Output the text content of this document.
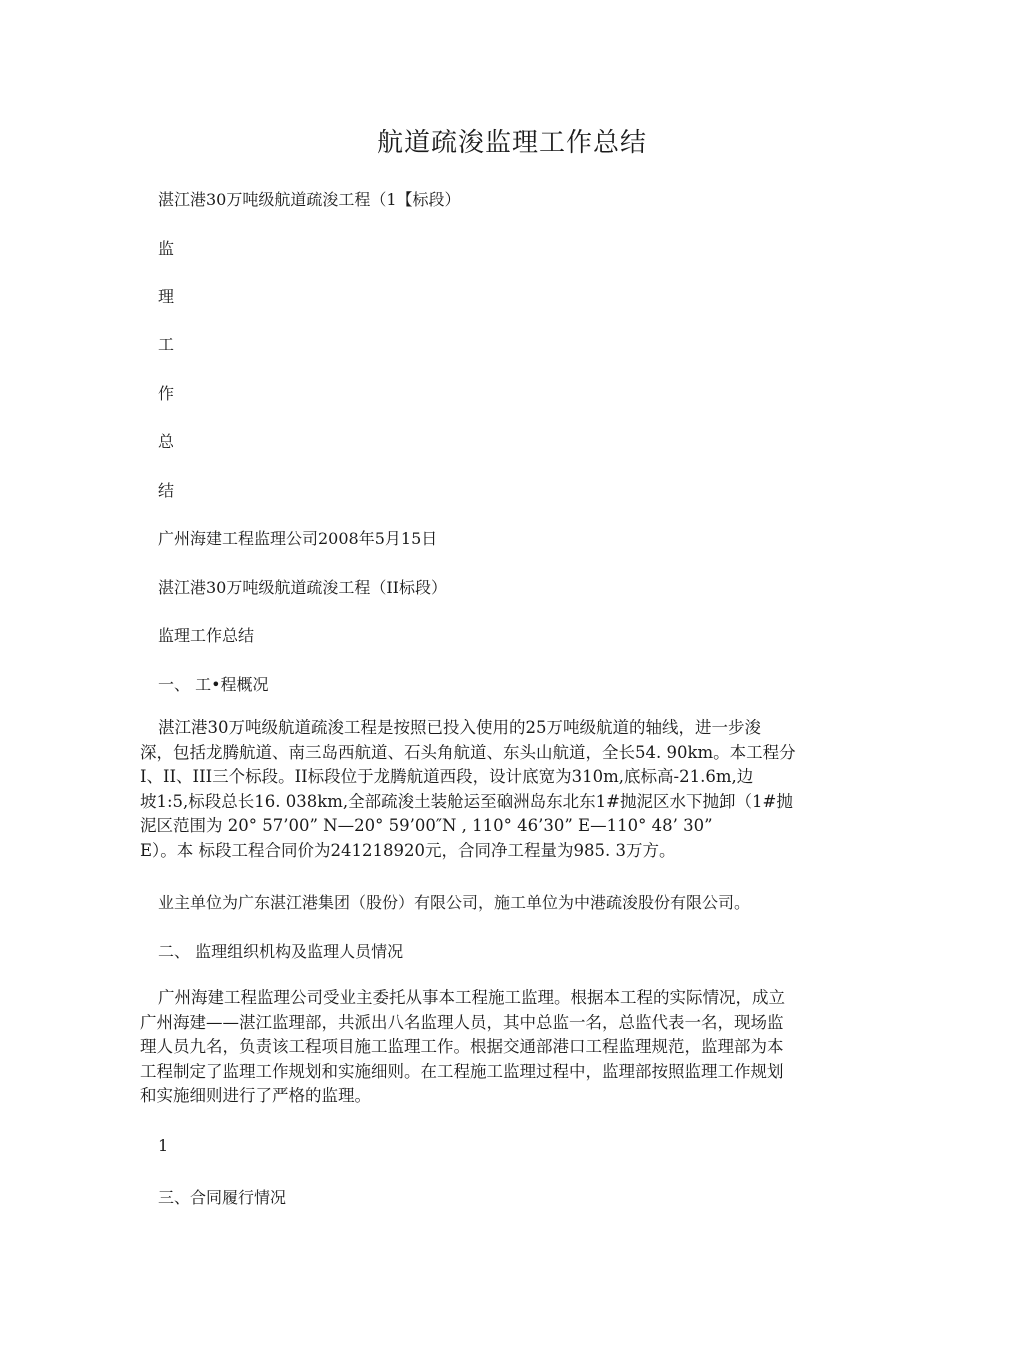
航道疏浚监理工作总结
湛江港30万吨级航道疏浚工程（1【标段）
监
理
工
作
总
结
广州海建工程监理公司2008年5月15日
湛江港30万吨级航道疏浚工程（II标段）
监理工作总结
一、 工•程概况
湛江港30万吨级航道疏浚工程是按照已投入使用的25万吨级航道的轴线，进一步浚
深，包括龙腾航道、南三岛西航道、石头角航道、东头山航道，全长54. 90km。本工程分
I、II、III三个标段。II标段位于龙腾航道西段，设计底宽为310m,底标高-21.6m,边
坡1:5,标段总长16. 038km,全部疏浚土装舱运至硇洲岛东北东1#抛泥区水下抛卸（1#抛
泥区范围为 20° 57’00” N—20° 59’00″N , 110° 46’30” E—110° 48’ 30”
E）。本 标段工程合同价为241218920元，合同净工程量为985. 3万方。
业主单位为广东湛江港集团（股份）有限公司，施工单位为中港疏浚股份有限公司。
二、 监理组织机构及监理人员情况
广州海建工程监理公司受业主委托从事本工程施工监理。根据本工程的实际情况，成立
广州海建——湛江监理部，共派出八名监理人员，其中总监一名，总监代表一名，现场监
理人员九名，负责该工程项目施工监理工作。根据交通部港口工程监理规范，监理部为本
工程制定了监理工作规划和实施细则。在工程施工监理过程中，监理部按照监理工作规划
和实施细则进行了严格的监理。
1
三、合同履行情况
